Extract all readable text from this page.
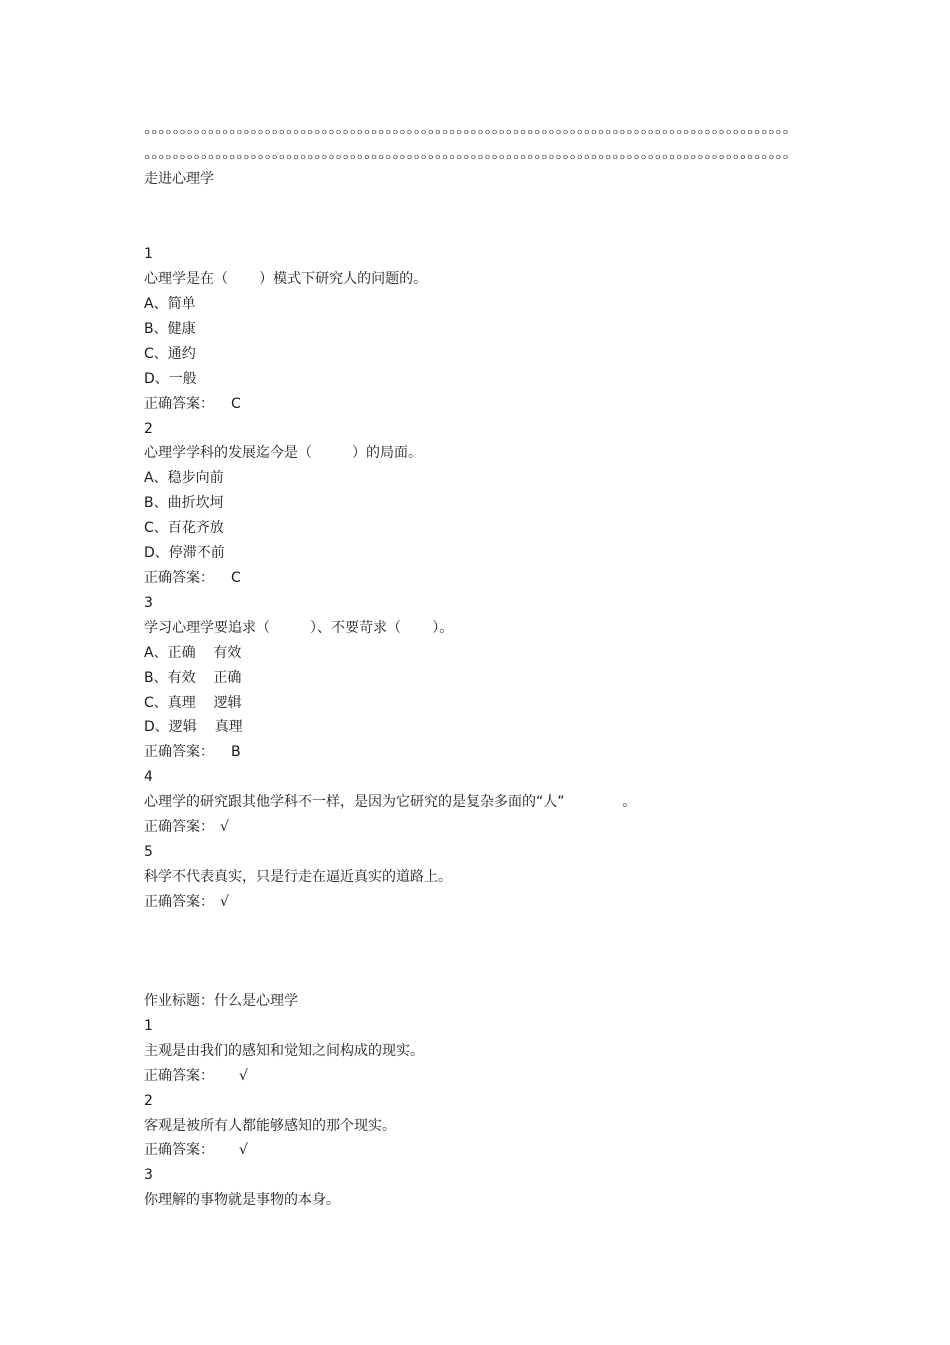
走进心理学
1
心理学是在（       ）模式下研究人的问题的。
A、简单
B、健康
C、通约
D、一般
正确答案： C
2
心理学学科的发展迄今是（         ）的局面。
A、稳步向前
B、曲折坎坷
C、百花齐放
D、停滞不前
正确答案： C
3
学习心理学要追求（         ）、不要苛求（       ）。
A、正确    有效
B、有效    正确
C、真理    逻辑
D、逻辑    真理
正确答案： B
4
心理学的研究跟其他学科不一样，是因为它研究的是复杂多面的“人”             。
正确答案： √
5
科学不代表真实，只是行走在逼近真实的道路上。
正确答案： √
作业标题：什么是心理学
1
主观是由我们的感知和觉知之间构成的现实。
正确答案： √
2
客观是被所有人都能够感知的那个现实。
正确答案： √
3
你理解的事物就是事物的本身。
